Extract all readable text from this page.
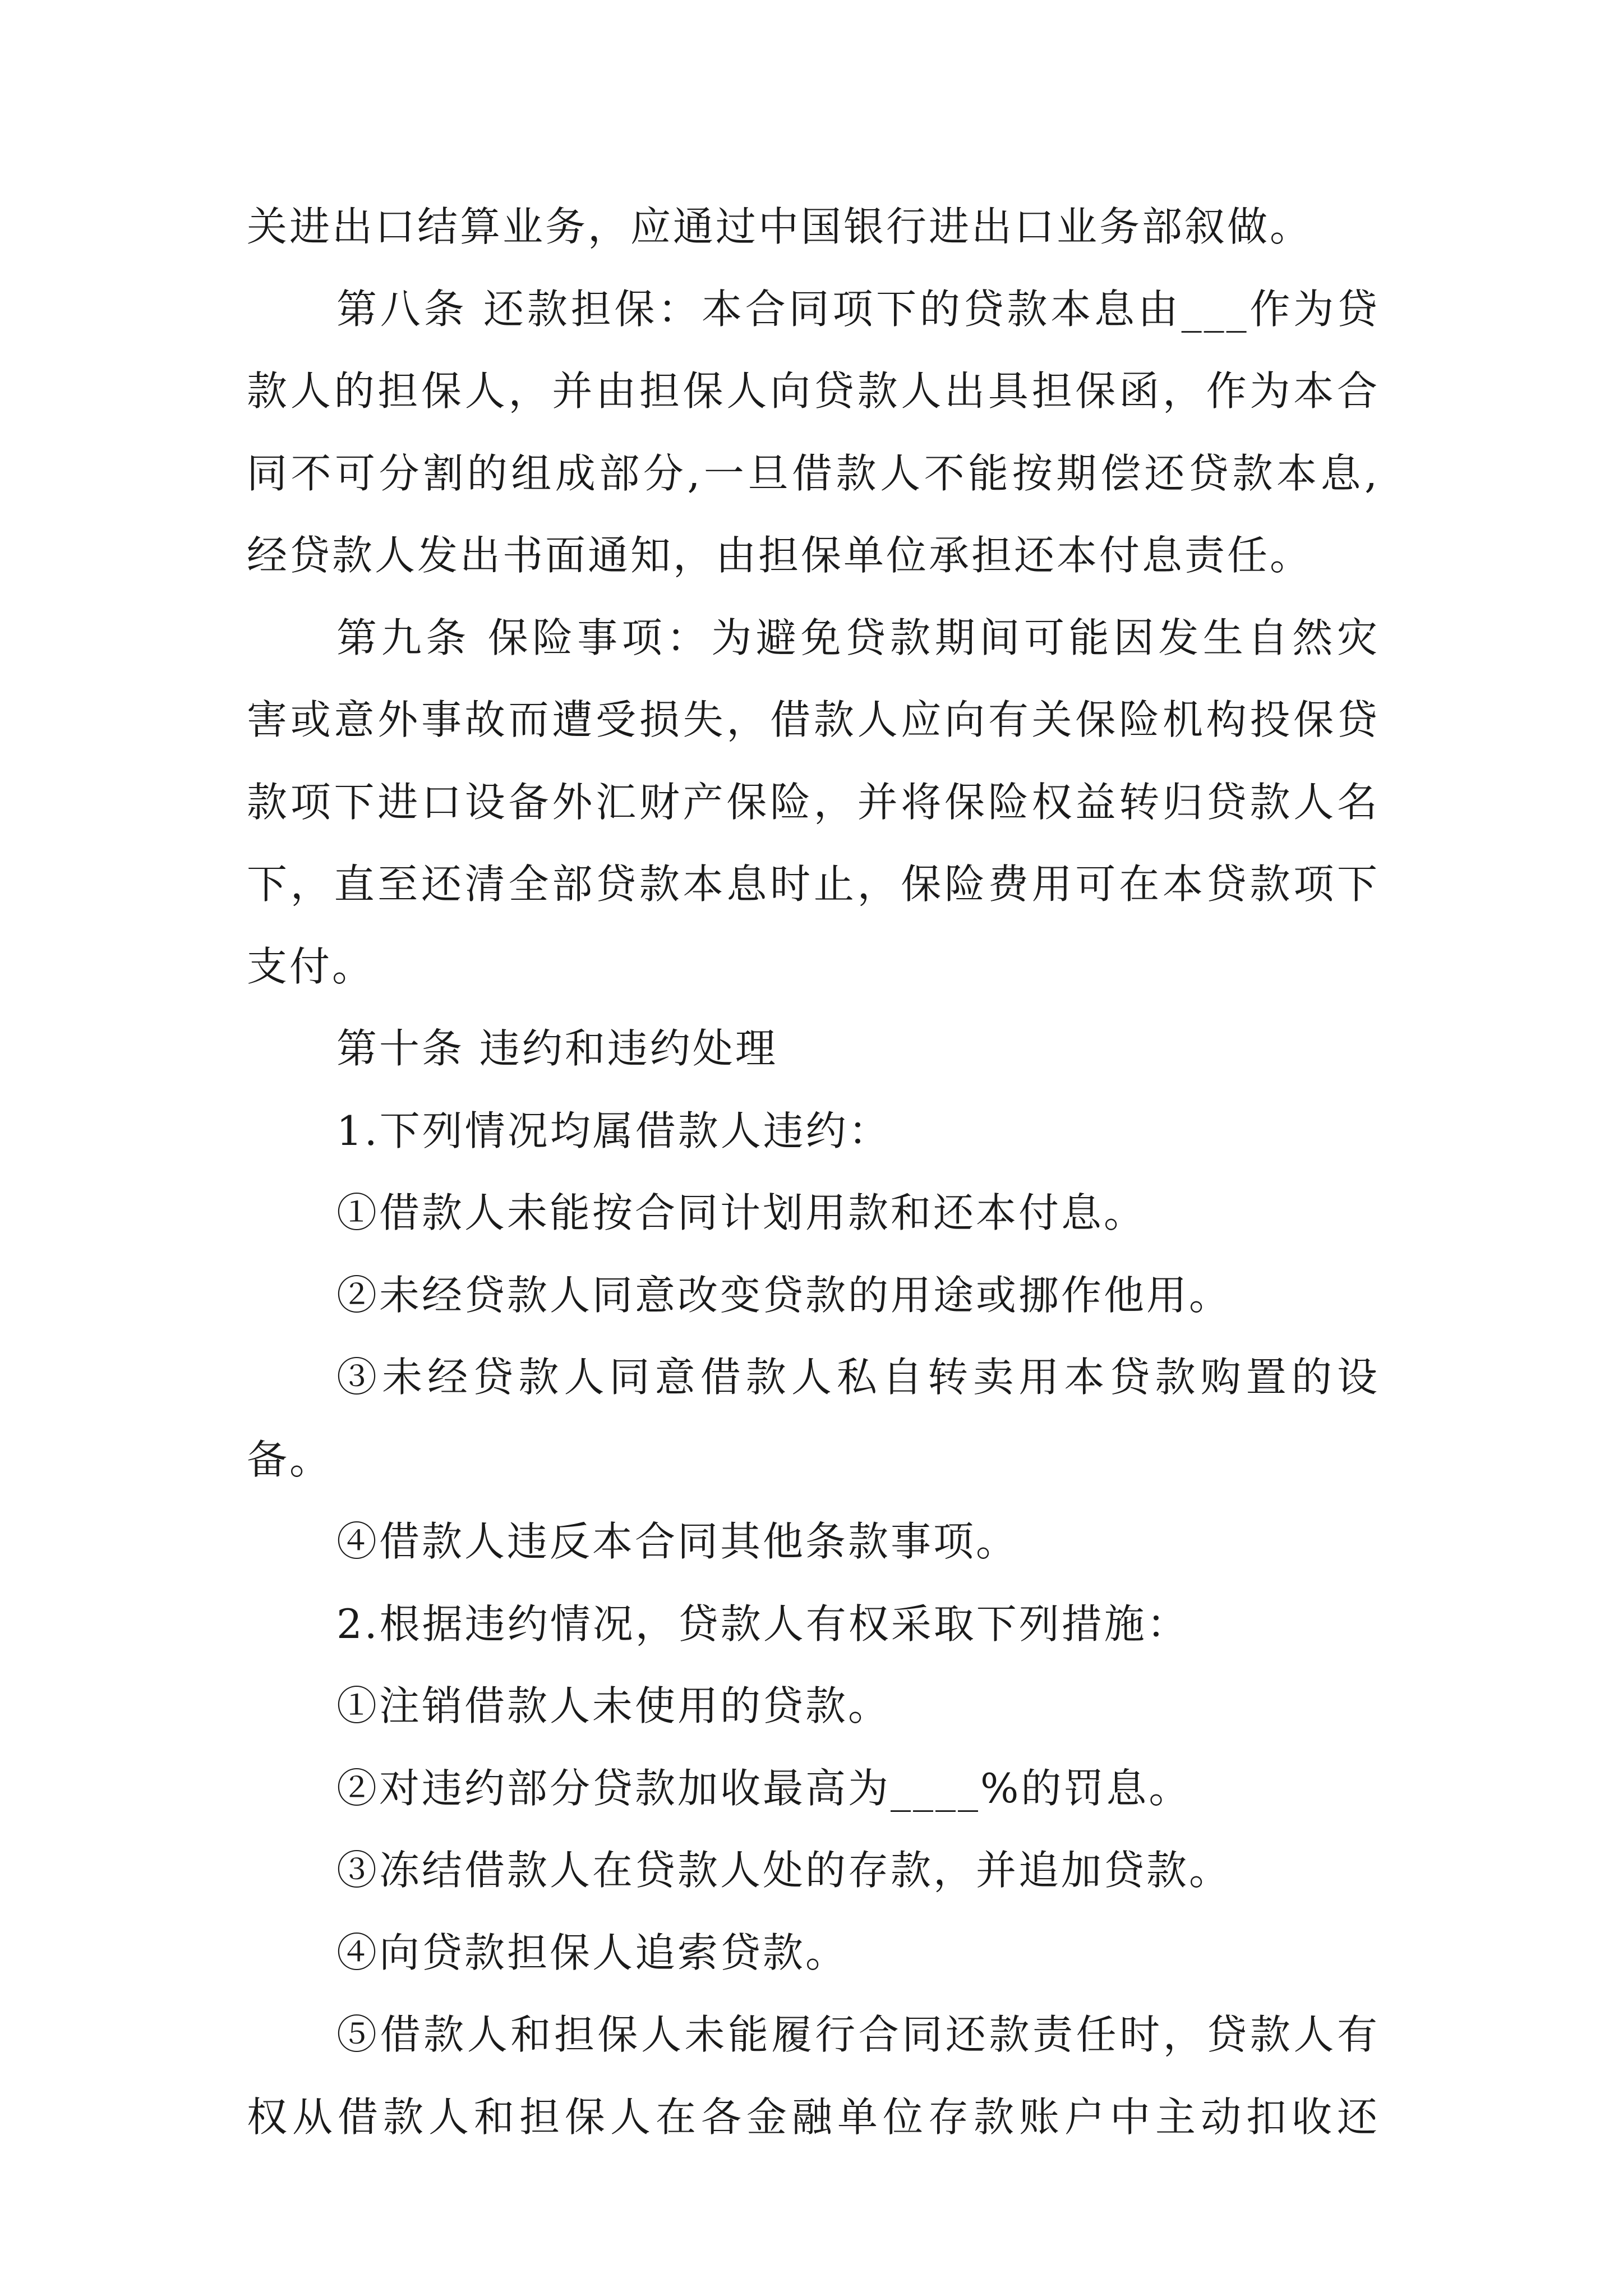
关进出口结算业务，应通过中国银行进出口业务部叙做。
第八条 还款担保：本合同项下的贷款本息由___作为贷
款人的担保人，并由担保人向贷款人出具担保函，作为本合
同不可分割的组成部分,一旦借款人不能按期偿还贷款本息,
经贷款人发出书面通知，由担保单位承担还本付息责任。
第九条 保险事项：为避免贷款期间可能因发生自然灾
害或意外事故而遭受损失，借款人应向有关保险机构投保贷
款项下进口设备外汇财产保险，并将保险权益转归贷款人名
下，直至还清全部贷款本息时止，保险费用可在本贷款项下
支付。
第十条 违约和违约处理
1.下列情况均属借款人违约：
①借款人未能按合同计划用款和还本付息。
②未经贷款人同意改变贷款的用途或挪作他用。
③未经贷款人同意借款人私自转卖用本贷款购置的设
备。
④借款人违反本合同其他条款事项。
2.根据违约情况，贷款人有权采取下列措施：
①注销借款人未使用的贷款。
②对违约部分贷款加收最高为____%的罚息。
③冻结借款人在贷款人处的存款，并追加贷款。
④向贷款担保人追索贷款。
⑤借款人和担保人未能履行合同还款责任时，贷款人有
权从借款人和担保人在各金融单位存款账户中主动扣收还
